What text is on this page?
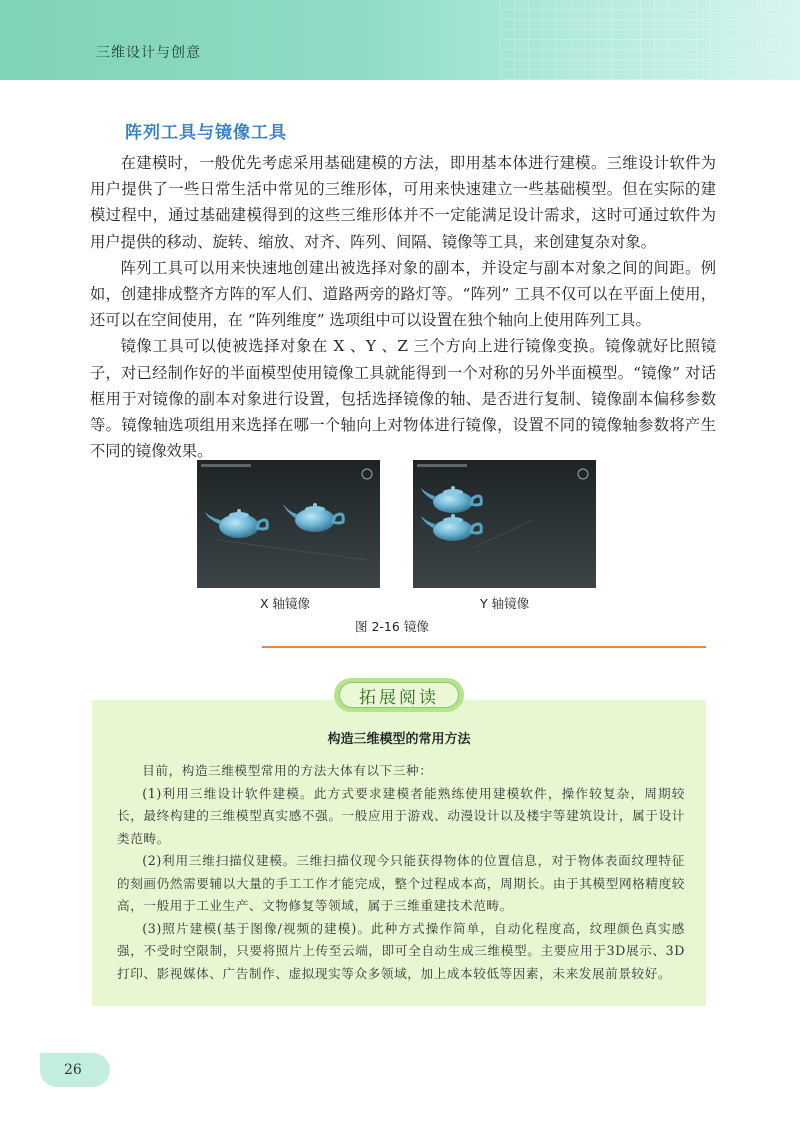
三维设计与创意
阵列工具与镜像工具

在建模时，一般优先考虑采用基础建模的方法，即用基本体进行建模。三维设计软件为用户提供了一些日常生活中常见的三维形体，可用来快速建立一些基础模型。但在实际的建模过程中，通过基础建模得到的这些三维形体并不一定能满足设计需求，这时可通过软件为用户提供的移动、旋转、缩放、对齐、阵列、间隔、镜像等工具，来创建复杂对象。

阵列工具可以用来快速地创建出被选择对象的副本，并设定与副本对象之间的间距。例如，创建排成整齐方阵的军人们、道路两旁的路灯等。“阵列” 工具不仅可以在平面上使用，还可以在空间使用，在 “阵列维度” 选项组中可以设置在独个轴向上使用阵列工具。

镜像工具可以使被选择对象在 X 、Y 、Z 三个方向上进行镜像变换。镜像就好比照镜子，对已经制作好的半面模型使用镜像工具就能得到一个对称的另外半面模型。“镜像” 对话框用于对镜像的副本对象进行设置，包括选择镜像的轴、是否进行复制、镜像副本偏移参数等。镜像轴选项组用来选择在哪一个轴向上对物体进行镜像，设置不同的镜像轴参数将产生不同的镜像效果。

X 轴镜像	Y 轴镜像
图 2-16 镜像
拓展阅读
构造三维模型的常用方法

目前，构造三维模型常用的方法大体有以下三种：

(1)利用三维设计软件建模。此方式要求建模者能熟练使用建模软件，操作较复杂，周期较长，最终构建的三维模型真实感不强。一般应用于游戏、动漫设计以及楼宇等建筑设计，属于设计类范畴。

(2)利用三维扫描仪建模。三维扫描仪现今只能获得物体的位置信息，对于物体表面纹理特征的刻画仍然需要辅以大量的手工工作才能完成，整个过程成本高，周期长。由于其模型网格精度较高，一般用于工业生产、文物修复等领域，属于三维重建技术范畴。

(3)照片建模(基于图像/视频的建模)。此种方式操作简单，自动化程度高，纹理颜色真实感强，不受时空限制，只要将照片上传至云端，即可全自动生成三维模型。主要应用于3D展示、3D打印、影视媒体、广告制作、虚拟现实等众多领域，加上成本较低等因素，未来发展前景较好。

26
